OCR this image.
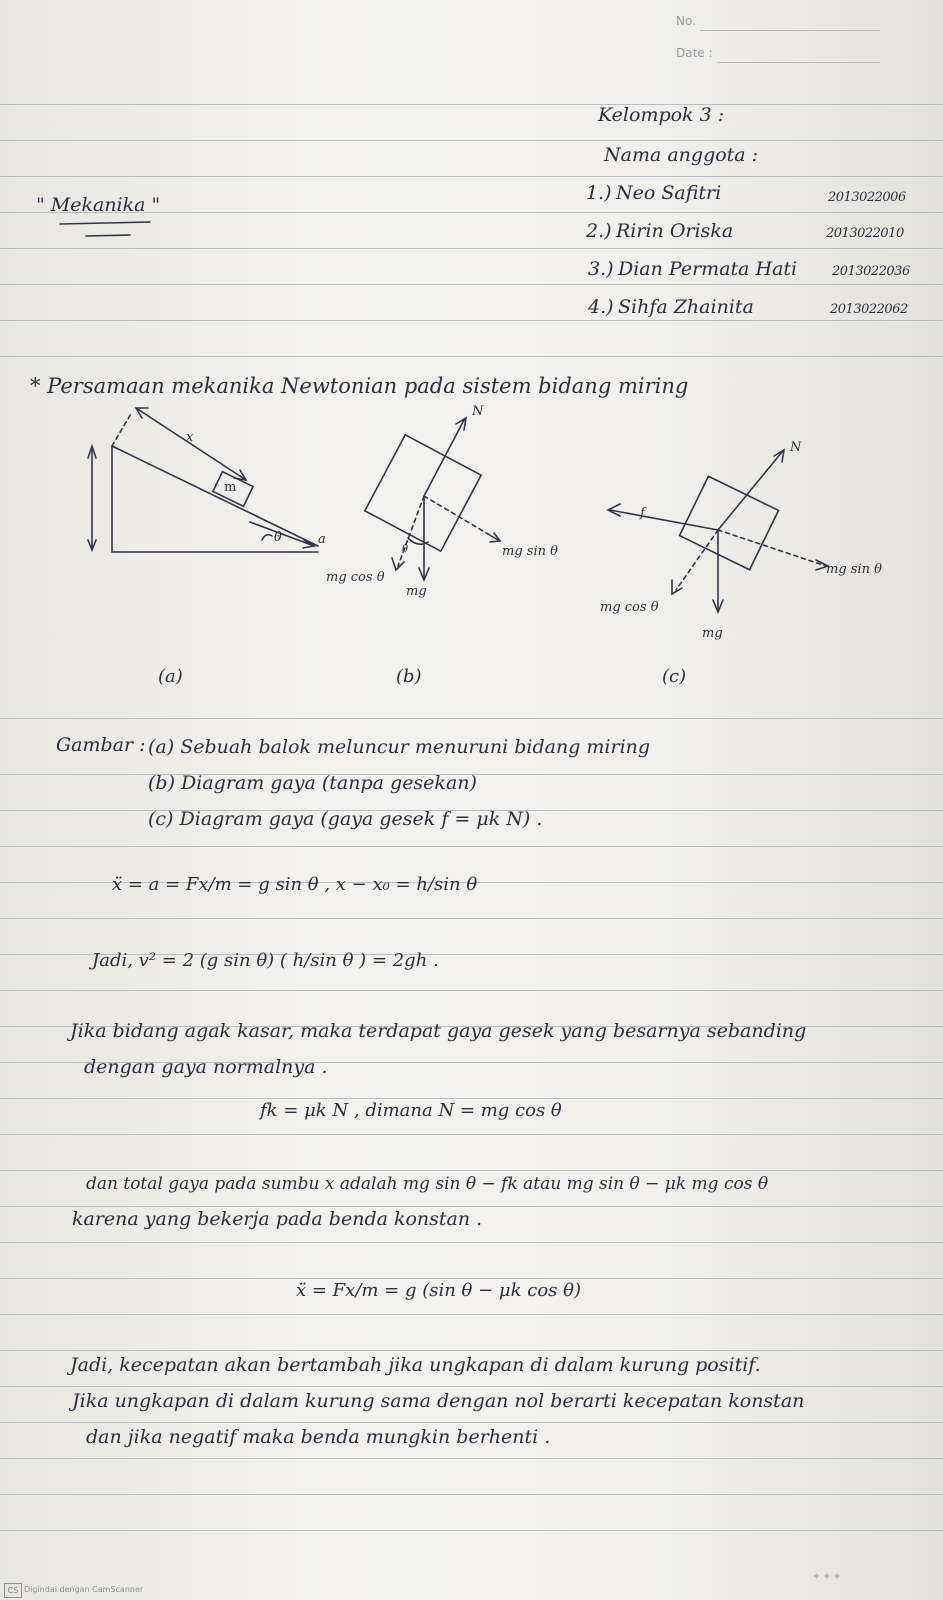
No.
Date :
Kelompok 3 :
Nama anggota :
1.) Neo Safitri	2013022006
2.) Ririn Oriska	2013022010
3.) Dian Permata Hati	2013022036
4.) Sihfa Zhainita	2013022062
" Mekanika "
* Persamaan mekanika Newtonian pada sistem bidang miring
x
m
θ	a
(a)
N
mg sin θ
mg cos θ
mg
θ
(b)
N
f
mg sin θ
mg cos θ
mg
(c)
Gambar : (a) Sebuah balok meluncur menuruni bidang miring
(b) Diagram gaya (tanpa gesekan)
(c) Diagram gaya (gaya gesek f = μk N) .
ẍ = a = Fx/m = g sin θ , x − x₀ = h/sin θ
Jadi, v² = 2 (g sin θ) ( h/sin θ ) = 2gh .
Jika bidang agak kasar, maka terdapat gaya gesek yang besarnya sebanding
dengan gaya normalnya .
fk = μk N , dimana N = mg cos θ
dan total gaya pada sumbu x adalah mg sin θ − fk atau mg sin θ − μk mg cos θ
karena yang bekerja pada benda konstan .
ẍ = Fx/m = g (sin θ − μk cos θ)
Jadi, kecepatan akan bertambah jika ungkapan di dalam kurung positif.
Jika ungkapan di dalam kurung sama dengan nol berarti kecepatan konstan
dan jika negatif maka benda mungkin berhenti .
CS Digindai dengan CamScanner
✦✦✦
